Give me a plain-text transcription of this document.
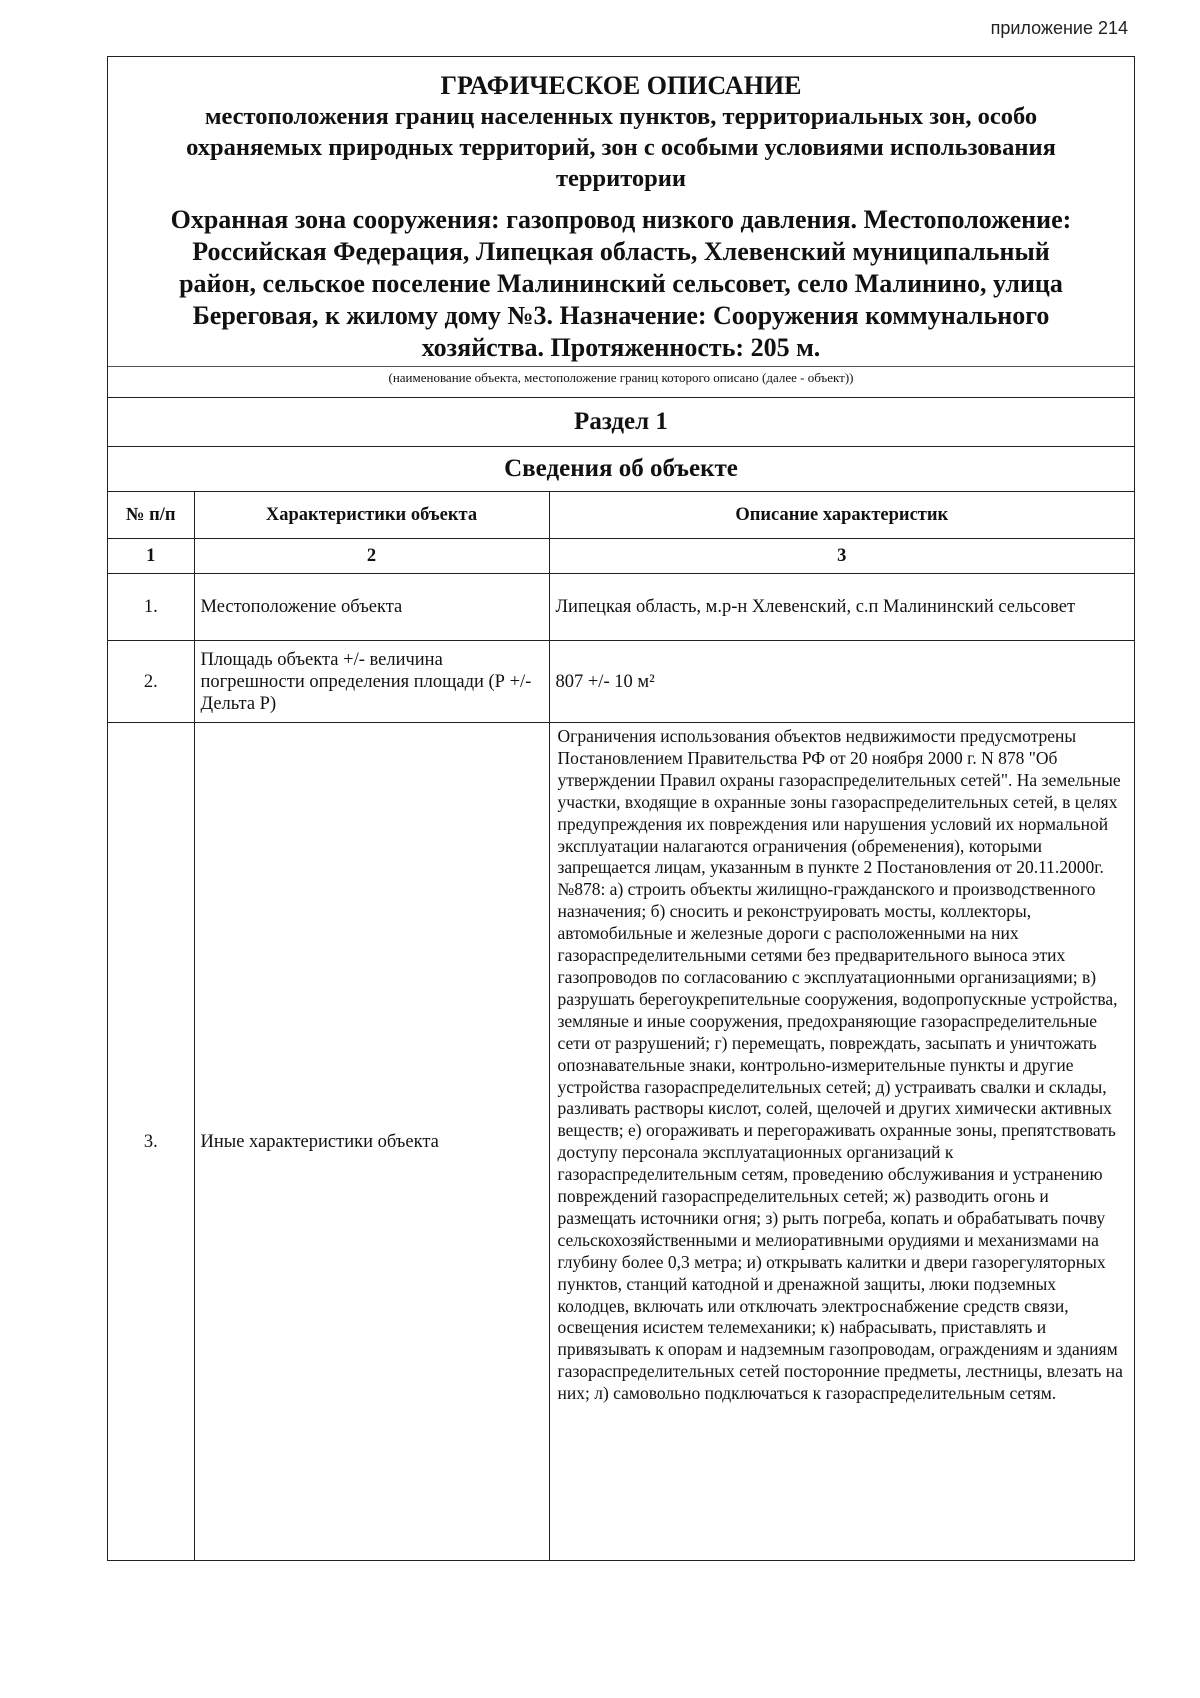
приложение 214
ГРАФИЧЕСКОЕ ОПИСАНИЕ
местоположения границ населенных пунктов, территориальных зон, особо
охраняемых природных территорий, зон с особыми условиями использования
территории
Охранная зона сооружения: газопровод низкого давления. Местоположение:
Российская Федерация, Липецкая область, Хлевенский муниципальный
район, сельское поселение Малининский сельсовет, село Малинино, улица
Береговая, к жилому дому №3. Назначение: Сооружения коммунального
хозяйства. Протяженность: 205 м.
(наименование объекта, местоположение границ которого описано (далее - объект))
Раздел 1
Сведения об объекте
№ п/п	Характеристики объекта	Описание характеристик
1	2	3
1.	Местоположение объекта	Липецкая область, м.р-н Хлевенский, с.п Малининский сельсовет
2.	Площадь объекта +/- величина погрешности определения площади (Р +/- Дельта Р)	807 +/- 10 м²
3.	Иные характеристики объекта	Ограничения использования объектов недвижимости предусмотрены Постановлением Правительства РФ от 20 ноября 2000 г. N 878 "Об утверждении Правил охраны газораспределительных сетей". На земельные участки, входящие в охранные зоны газораспределительных сетей, в целях предупреждения их повреждения или нарушения условий их нормальной эксплуатации налагаются ограничения (обременения), которыми запрещается лицам, указанным в пункте 2 Постановления от 20.11.2000г. №878: а) строить объекты жилищно-гражданского и производственного назначения; б) сносить и реконструировать мосты, коллекторы, автомобильные и железные дороги с расположенными на них газораспределительными сетями без предварительного выноса этих газопроводов по согласованию с эксплуатационными организациями; в) разрушать берегоукрепительные сооружения, водопропускные устройства, земляные и иные сооружения, предохраняющие газораспределительные сети от разрушений; г) перемещать, повреждать, засыпать и уничтожать опознавательные знаки, контрольно-измерительные пункты и другие устройства газораспределительных сетей; д) устраивать свалки и склады, разливать растворы кислот, солей, щелочей и других химически активных веществ; е) огораживать и перегораживать охранные зоны, препятствовать доступу персонала эксплуатационных организаций к газораспределительным сетям, проведению обслуживания и устранению повреждений газораспределительных сетей; ж) разводить огонь и размещать источники огня; з) рыть погреба, копать и обрабатывать почву сельскохозяйственными и мелиоративными орудиями и механизмами на глубину более 0,3 метра; и) открывать калитки и двери газорегуляторных пунктов, станций катодной и дренажной защиты, люки подземных колодцев, включать или отключать электроснабжение средств связи, освещения исистем телемеханики; к) набрасывать, приставлять и привязывать к опорам и надземным газопроводам, ограждениям и зданиям газораспределительных сетей посторонние предметы, лестницы, влезать на них; л) самовольно подключаться к газораспределительным сетям.
